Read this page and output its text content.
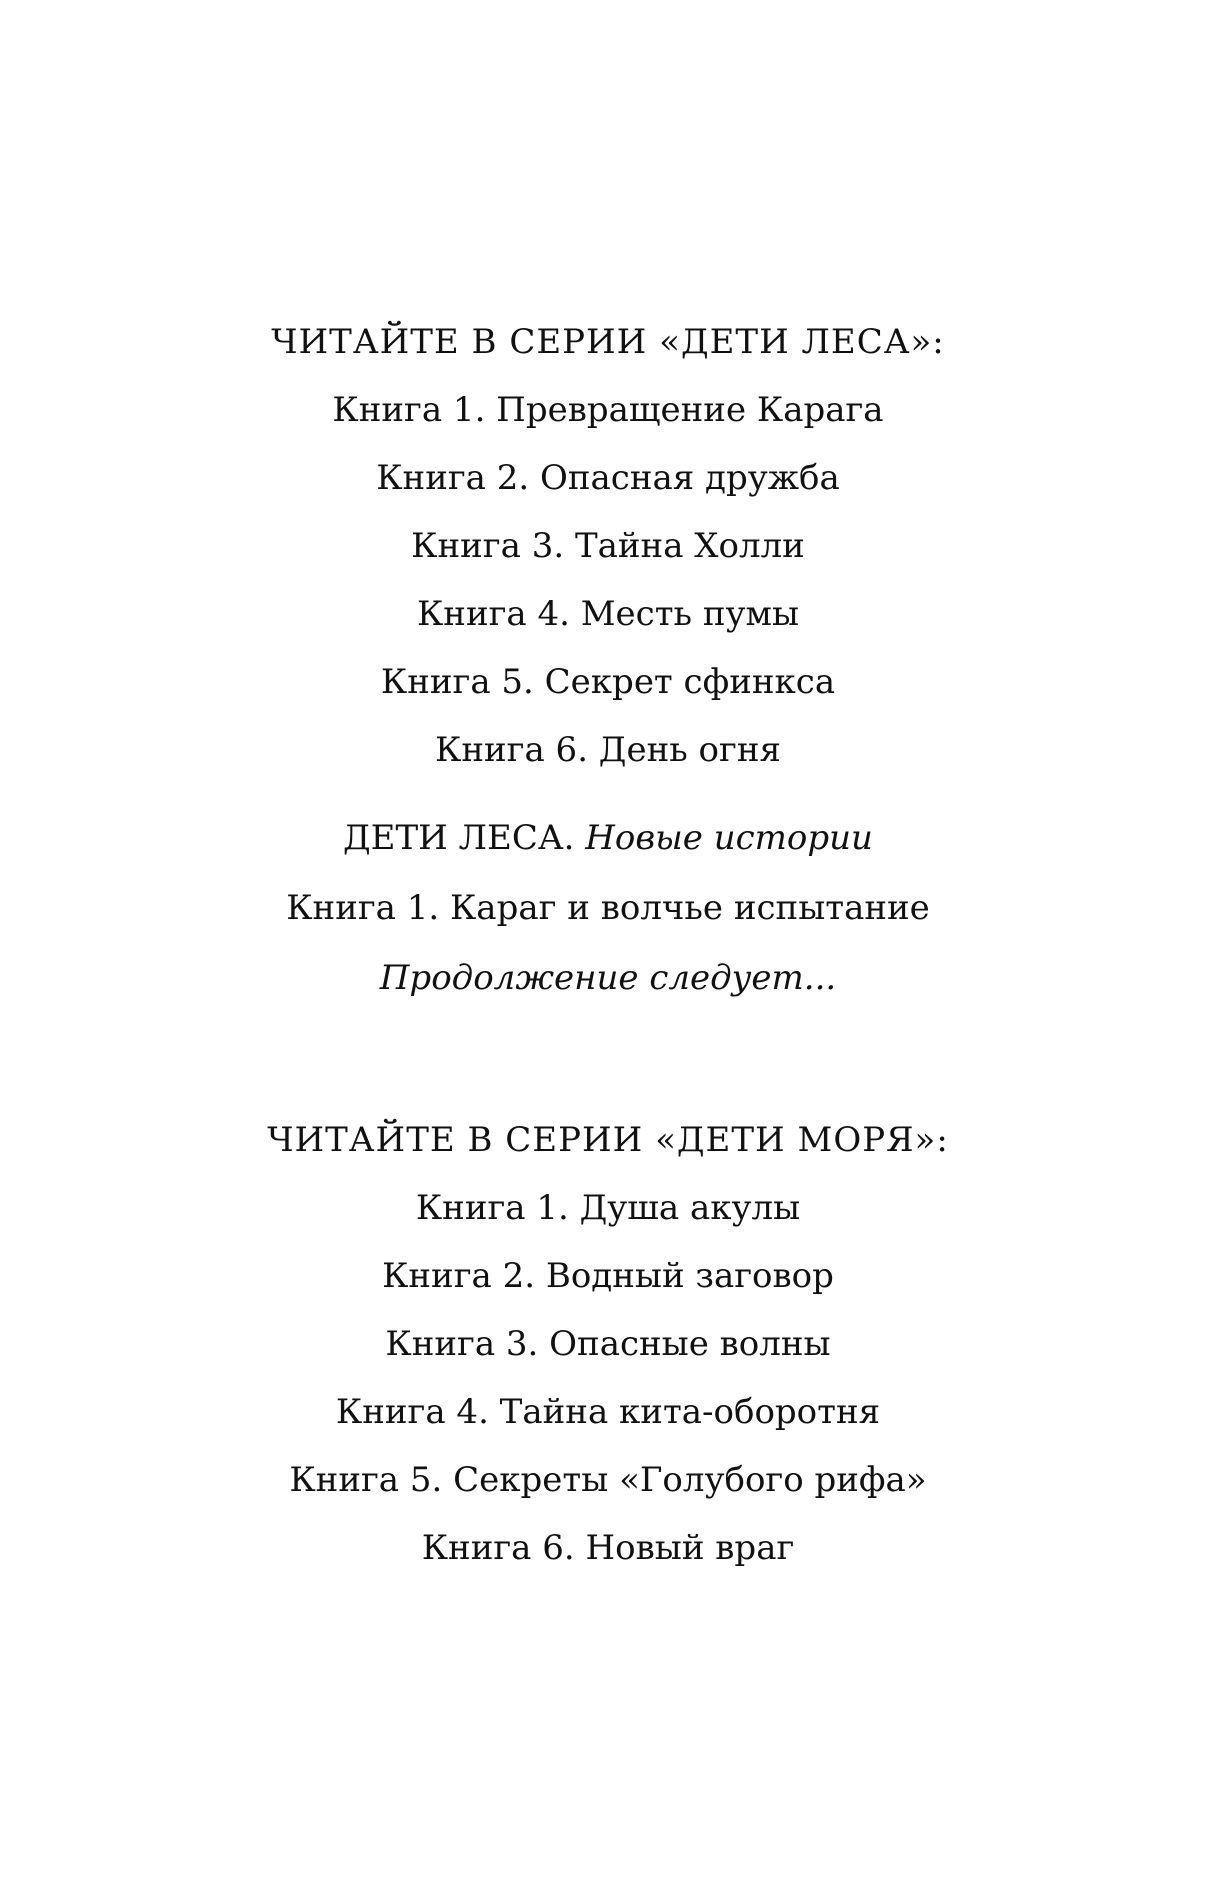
ЧИТАЙТЕ В СЕРИИ «ДЕТИ ЛЕСА»:
Книга 1. Превращение Карага
Книга 2. Опасная дружба
Книга 3. Тайна Холли
Книга 4. Месть пумы
Книга 5. Секрет сфинкса
Книга 6. День огня
ДЕТИ ЛЕСА. Новые истории
Книга 1. Караг и волчье испытание
Продолжение следует...
ЧИТАЙТЕ В СЕРИИ «ДЕТИ МОРЯ»:
Книга 1. Душа акулы
Книга 2. Водный заговор
Книга 3. Опасные волны
Книга 4. Тайна кита-оборотня
Книга 5. Секреты «Голубого рифа»
Книга 6. Новый враг
